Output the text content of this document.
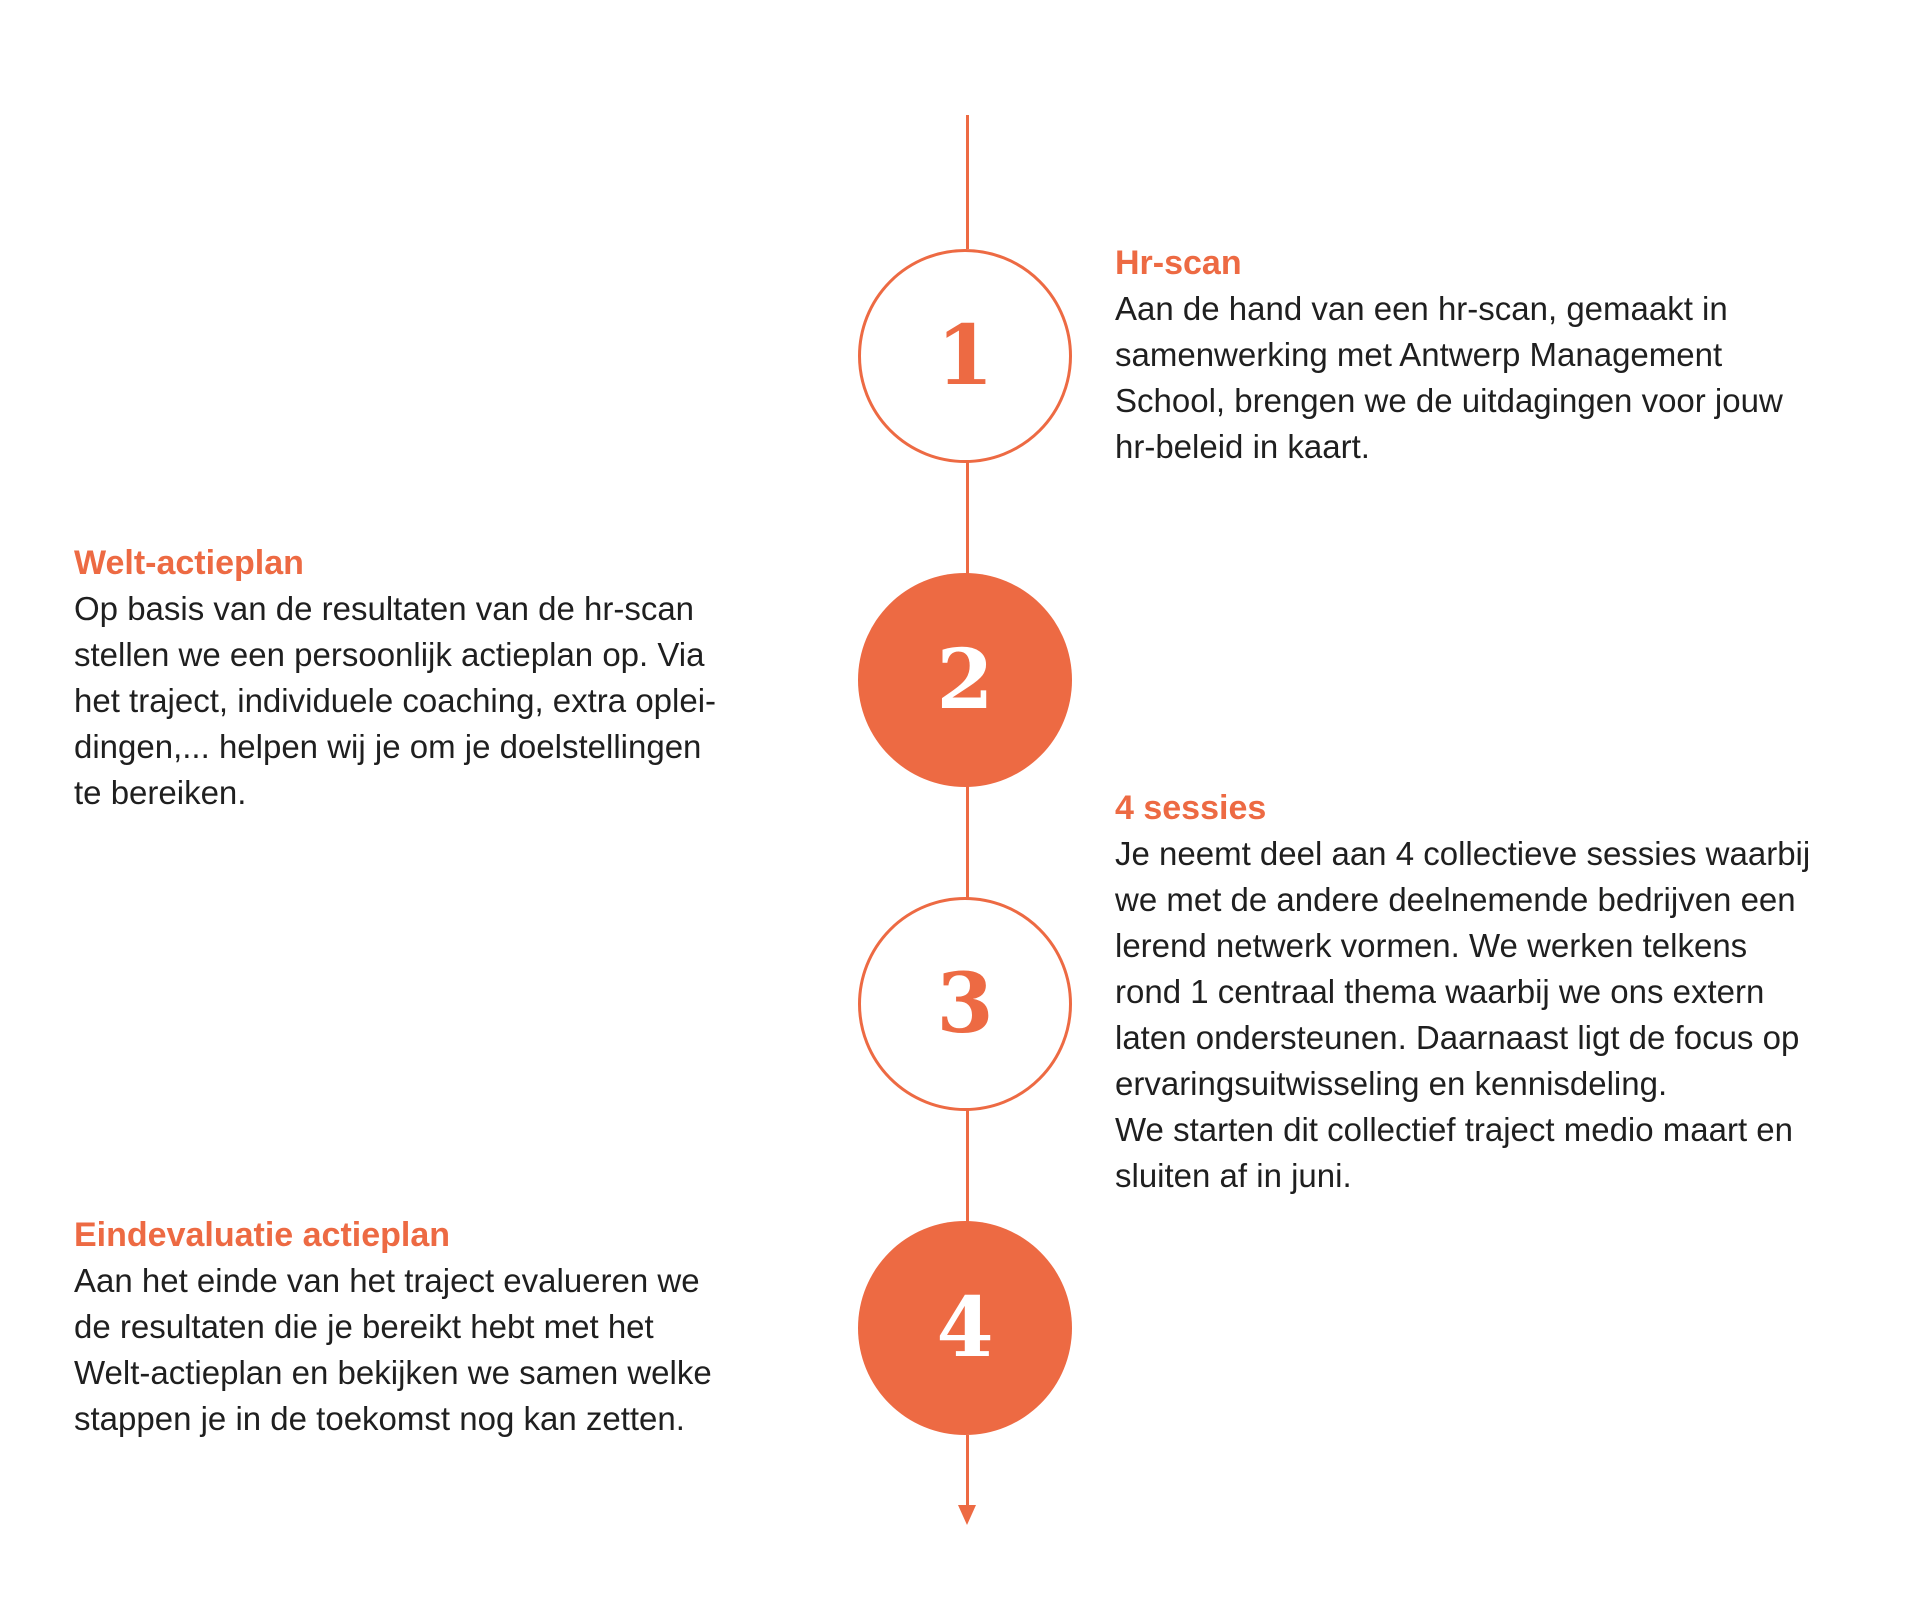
1
2
3
4
Hr-scan
Aan de hand van een hr-scan, gemaakt in
samenwerking met Antwerp Management
School, brengen we de uitdagingen voor jouw
hr-beleid in kaart.
Welt-actieplan
Op basis van de resultaten van de hr-scan
stellen we een persoonlijk actieplan op. Via
het traject, individuele coaching, extra oplei-
dingen,... helpen wij je om je doelstellingen
te bereiken.	4 sessies
Je neemt deel aan 4 collectieve sessies waarbij
we met de andere deelnemende bedrijven een
lerend netwerk vormen. We werken telkens
rond 1 centraal thema waarbij we ons extern
laten ondersteunen. Daarnaast ligt de focus op
ervaringsuitwisseling en kennisdeling.
We starten dit collectief traject medio maart en
sluiten af in juni.
Eindevaluatie actieplan
Aan het einde van het traject evalueren we
de resultaten die je bereikt hebt met het
Welt-actieplan en bekijken we samen welke
stappen je in de toekomst nog kan zetten.
